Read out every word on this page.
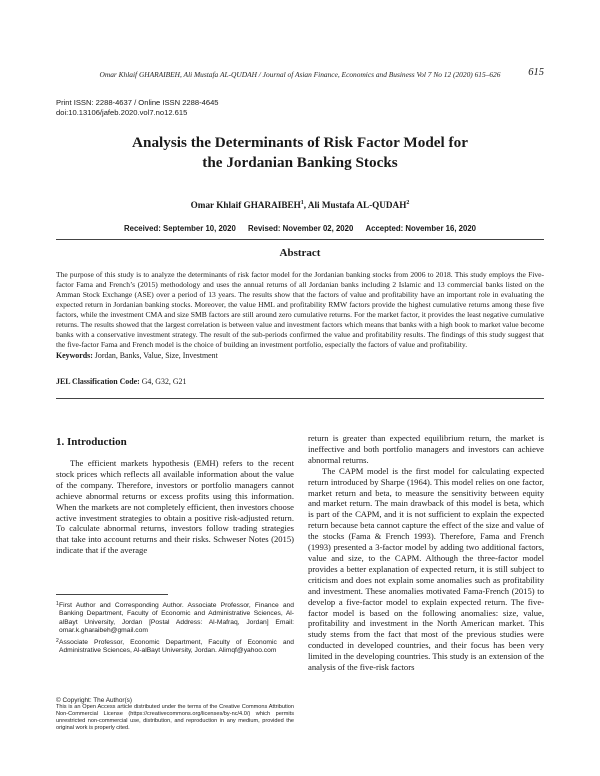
Omar Khlaif GHARAIBEH, Ali Mustafa AL-QUDAH / Journal of Asian Finance, Economics and Business Vol 7 No 12 (2020) 615–626	615
Print ISSN: 2288-4637 / Online ISSN 2288-4645
doi:10.13106/jafeb.2020.vol7.no12.615
Analysis the Determinants of Risk Factor Model for
the Jordanian Banking Stocks
Omar Khlaif GHARAIBEH$^1$, Ali Mustafa AL-QUDAH$^2$
Received: September 10, 2020 Revised: November 02, 2020 Accepted: November 16, 2020
Abstract
The purpose of this study is to analyze the determinants of risk factor model for the Jordanian banking stocks from 2006 to 2018. This study employs the Five-factor Fama and French’s (2015) methodology and uses the annual returns of all Jordanian banks including 2 Islamic and 13 commercial banks listed on the Amman Stock Exchange (ASE) over a period of 13 years. The results show that the factors of value and profitability have an important role in evaluating the expected return in Jordanian banking stocks. Moreover, the value HML and profitability RMW factors provide the highest cumulative returns among these five factors, while the investment CMA and size SMB factors are still around zero cumulative returns. For the market factor, it provides the least negative cumulative returns. The results showed that the largest correlation is between value and investment factors which means that banks with a high book to market value become banks with a conservative investment strategy. The result of the sub-periods confirmed the value and profitability results. The findings of this study suggest that the five-factor Fama and French model is the choice of building an investment portfolio, especially the factors of value and profitability.
Keywords: Jordan, Banks, Value, Size, Investment
JEL Classification Code: G4, G32, G21
1. Introduction

The efficient markets hypothesis (EMH) refers to the recent stock prices which reflects all available information about the value of the company. Therefore, investors or portfolio managers cannot achieve abnormal returns or excess profits using this information. When the markets are not completely efficient, then investors choose active investment strategies to obtain a positive risk-adjusted return. To calculate abnormal returns, investors follow trading strategies that take into account returns and their risks. Schweser Notes (2015) indicate that if the average

1 First Author and Corresponding Author. Associate Professor, Finance and Banking Department, Faculty of Economic and Administrative Sciences, Al-alBayt University, Jordan [Postal Address: Al-Mafraq, Jordan] Email: omar.k.gharaibeh@gmail.com
2 Associate Professor, Economic Department, Faculty of Economic and Administrative Sciences, Al-alBayt University, Jordan. Alimqf@yahoo.com
© Copyright: The Author(s)
This is an Open Access article distributed under the terms of the Creative Commons Attribution Non-Commercial License (https://creativecommons.org/licenses/by-nc/4.0/) which permits unrestricted non-commercial use, distribution, and reproduction in any medium, provided the original work is properly cited.

return is greater than expected equilibrium return, the market is ineffective and both portfolio managers and investors can achieve abnormal returns.

The CAPM model is the first model for calculating expected return introduced by Sharpe (1964). This model relies on one factor, market return and beta, to measure the sensitivity between equity and market return. The main drawback of this model is beta, which is part of the CAPM, and it is not sufficient to explain the expected return because beta cannot capture the effect of the size and value of the stocks (Fama & French 1993). Therefore, Fama and French (1993) presented a 3-factor model by adding two additional factors, value and size, to the CAPM. Although the three-factor model provides a better explanation of expected return, it is still subject to criticism and does not explain some anomalies such as profitability and investment. These anomalies motivated Fama-French (2015) to develop a five-factor model to explain expected return. The five-factor model is based on the following anomalies: size, value, profitability and investment in the North American market. This study stems from the fact that most of the previous studies were conducted in developed countries, and their focus has been very limited in the developing countries. This study is an extension of the analysis of the five-risk factors
